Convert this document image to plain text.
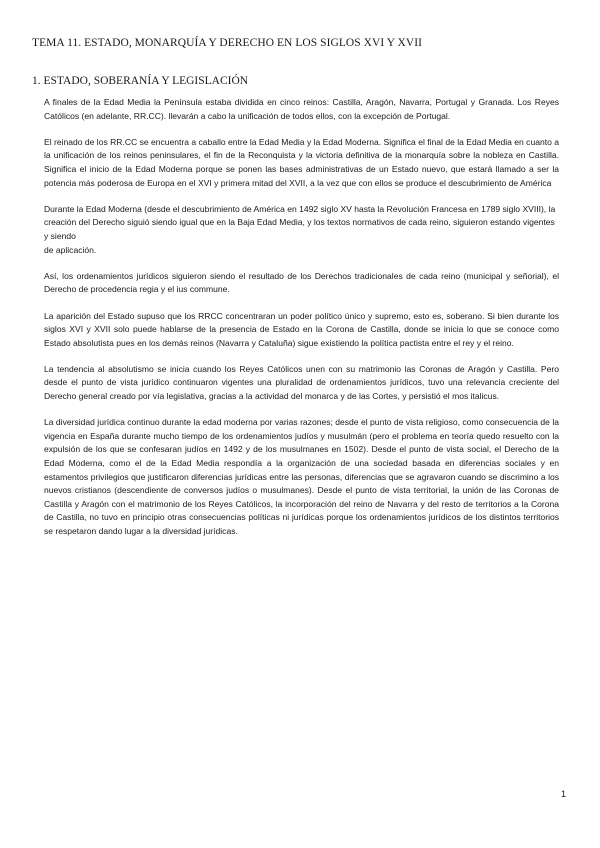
TEMA 11. ESTADO, MONARQUÍA Y DERECHO EN LOS SIGLOS XVI Y XVII
1. ESTADO, SOBERANÍA Y LEGISLACIÓN

A finales de la Edad Media la Península estaba dividida en cinco reinos: Castilla, Aragón, Navarra, Portugal y Granada. Los Reyes Católicos (en adelante, RR.CC). llevarán a cabo la unificación de todos ellos, con la excepción de Portugal.

El reinado de los RR.CC se encuentra a caballo entre la Edad Media y la Edad Moderna. Significa el final de la Edad Media en cuanto a la unificación de los reinos peninsulares, el fin de la Reconquista y la victoria definitiva de la monarquía sobre la nobleza en Castilla. Significa el inicio de la Edad Moderna porque se ponen las bases administrativas de un Estado nuevo, que estará llamado a ser la potencia más poderosa de Europa en el XVI y primera mitad del XVII, a la vez que con ellos se produce el descubrimiento de América

Durante la Edad Moderna (desde el descubrimiento de América en 1492 siglo XV hasta la Revolución Francesa en 1789 siglo XVIII), la creación del Derecho siguió siendo igual que en la Baja Edad Media, y los textos normativos de cada reino, siguieron estando vigentes y siendo
de aplicación.

Así, los ordenamientos jurídicos siguieron siendo el resultado de los Derechos tradicionales de cada reino (municipal y señorial), el Derecho de procedencia regia y el ius commune.

La aparición del Estado supuso que los RRCC concentraran un poder político único y supremo, esto es, soberano. Si bien durante los siglos XVI y XVII solo puede hablarse de la presencia de Estado en la Corona de Castilla, donde se inicia lo que se conoce como Estado absolutista pues en los demás reinos (Navarra y Cataluña) sigue existiendo la política pactista entre el rey y el reino.

La tendencia al absolutismo se inicia cuando los Reyes Católicos unen con su matrimonio las Coronas de Aragón y Castilla. Pero desde el punto de vista jurídico continuaron vigentes una pluralidad de ordenamientos jurídicos, tuvo una relevancia creciente del Derecho general creado por vía legislativa, gracias a la actividad del monarca y de las Cortes, y persistió el mos italicus.

La diversidad jurídica continuo durante la edad moderna por varias razones; desde el punto de vista religioso, como consecuencia de la vigencia en España durante mucho tiempo de los ordenamientos judíos y musulmán (pero el problema en teoría quedo resuelto con la expulsión de los que se confesaran judíos en 1492 y de los musulmanes en 1502). Desde el punto de vista social, el Derecho de la Edad Moderna, como el de la Edad Media respondía a la organización de una sociedad basada en diferencias sociales y en estamentos privilegios que justificaron diferencias jurídicas entre las personas, diferencias que se agravaron cuando se discrimino a los nuevos cristianos (descendiente de conversos judíos o musulmanes). Desde el punto de vista territorial, la unión de las Coronas de Castilla y Aragón con el matrimonio de los Reyes Católicos, la incorporación del reino de Navarra y del resto de territorios a la Corona de Castilla, no tuvo en principio otras consecuencias políticas ni jurídicas porque los ordenamientos jurídicos de los distintos territorios se respetaron dando lugar a la diversidad jurídicas.

1
